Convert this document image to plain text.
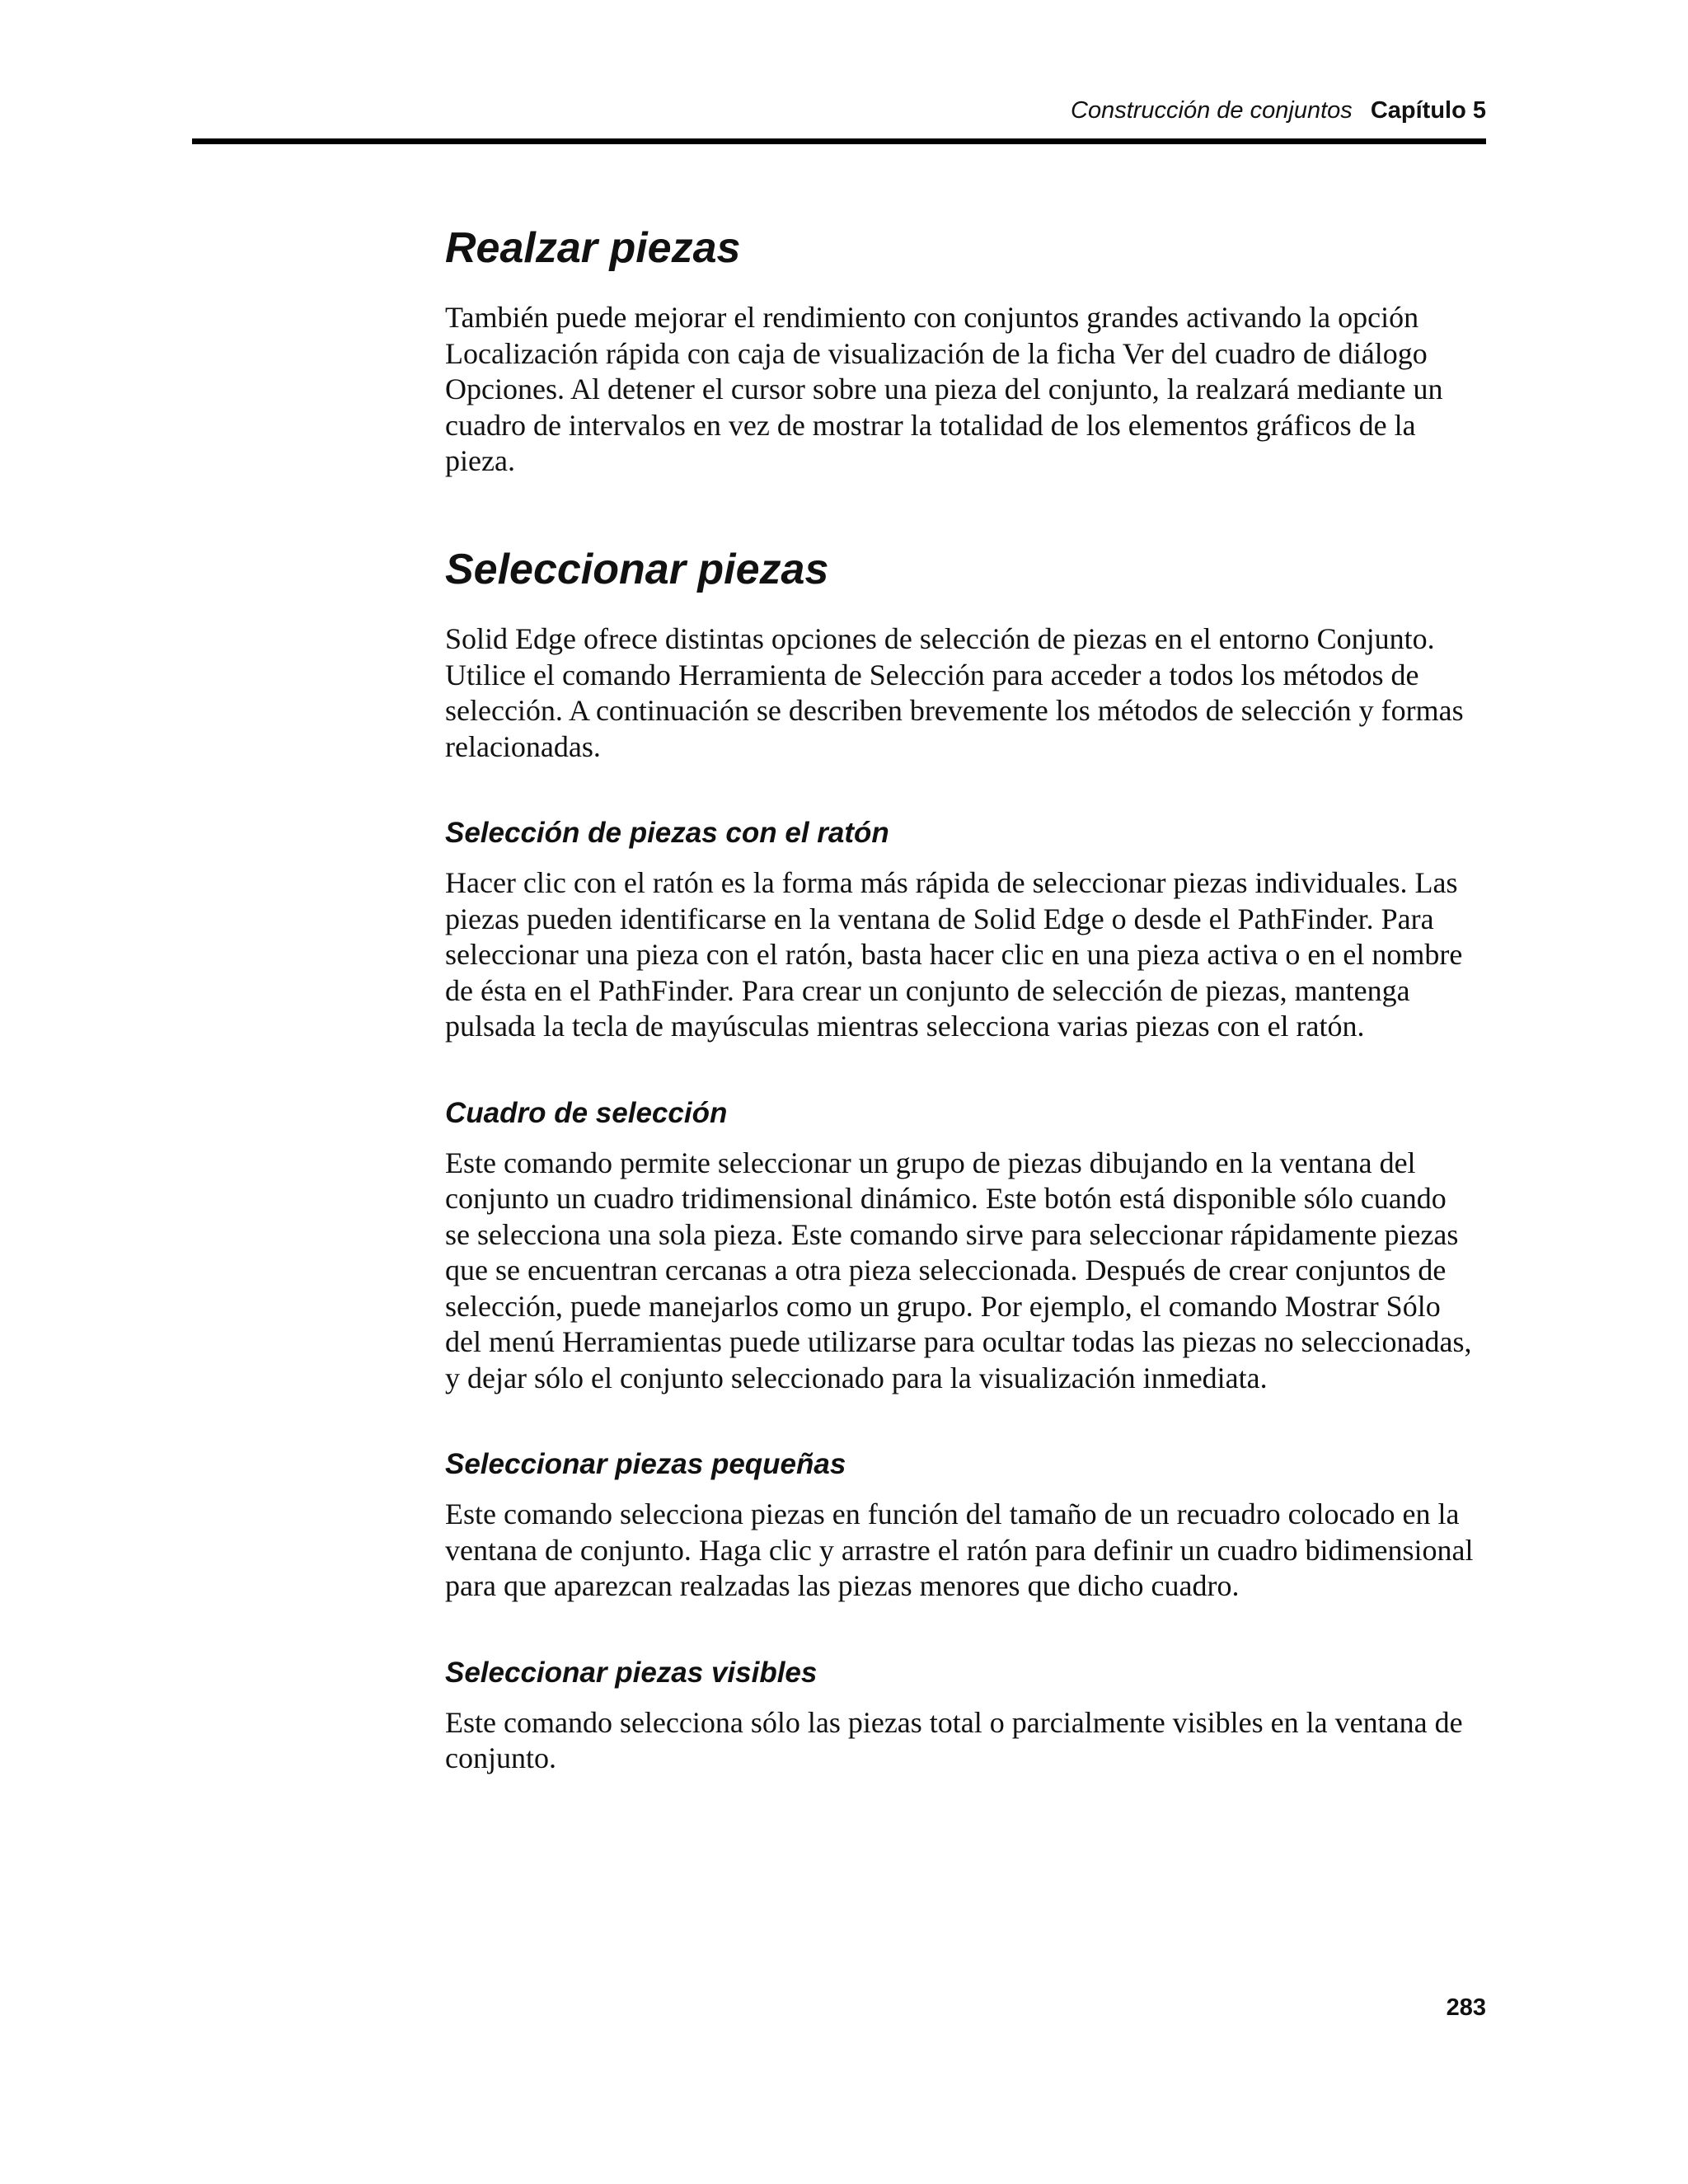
Construcción de conjuntos Capítulo 5
Realzar piezas

También puede mejorar el rendimiento con conjuntos grandes activando la opción Localización rápida con caja de visualización de la ficha Ver del cuadro de diálogo Opciones. Al detener el cursor sobre una pieza del conjunto, la realzará mediante un cuadro de intervalos en vez de mostrar la totalidad de los elementos gráficos de la pieza.

Seleccionar piezas

Solid Edge ofrece distintas opciones de selección de piezas en el entorno Conjunto. Utilice el comando Herramienta de Selección para acceder a todos los métodos de selección. A continuación se describen brevemente los métodos de selección y formas relacionadas.

Selección de piezas con el ratón

Hacer clic con el ratón es la forma más rápida de seleccionar piezas individuales. Las piezas pueden identificarse en la ventana de Solid Edge o desde el PathFinder. Para seleccionar una pieza con el ratón, basta hacer clic en una pieza activa o en el nombre de ésta en el PathFinder. Para crear un conjunto de selección de piezas, mantenga pulsada la tecla de mayúsculas mientras selecciona varias piezas con el ratón.

Cuadro de selección

Este comando permite seleccionar un grupo de piezas dibujando en la ventana del conjunto un cuadro tridimensional dinámico. Este botón está disponible sólo cuando se selecciona una sola pieza. Este comando sirve para seleccionar rápidamente piezas que se encuentran cercanas a otra pieza seleccionada. Después de crear conjuntos de selección, puede manejarlos como un grupo. Por ejemplo, el comando Mostrar Sólo del menú Herramientas puede utilizarse para ocultar todas las piezas no seleccionadas, y dejar sólo el conjunto seleccionado para la visualización inmediata.

Seleccionar piezas pequeñas

Este comando selecciona piezas en función del tamaño de un recuadro colocado en la ventana de conjunto. Haga clic y arrastre el ratón para definir un cuadro bidimensional para que aparezcan realzadas las piezas menores que dicho cuadro.

Seleccionar piezas visibles

Este comando selecciona sólo las piezas total o parcialmente visibles en la ventana de conjunto.

283
